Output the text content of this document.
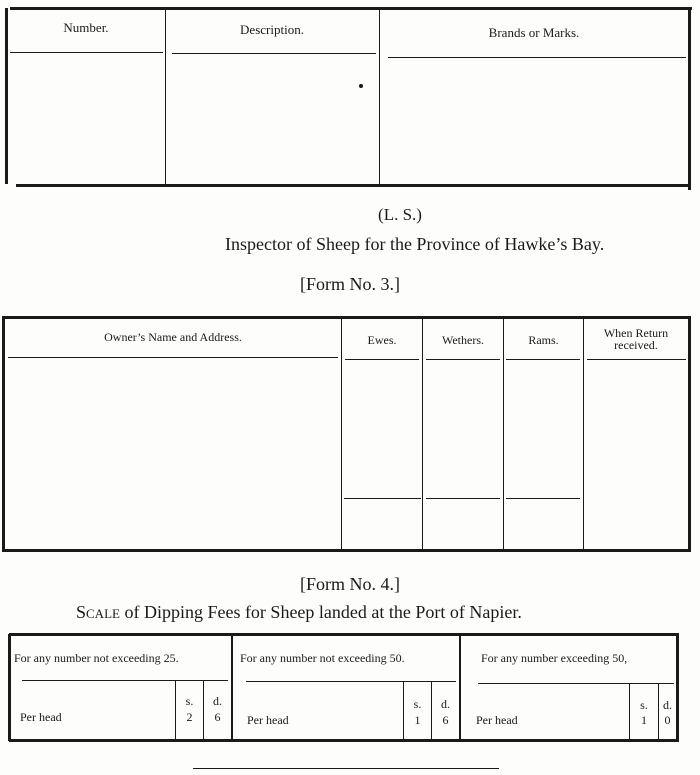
Number.	Description.	Brands or Marks.
(L. S.)
Inspector of Sheep for the Province of Hawke’s Bay.
[Form No. 3.]
Owner’s Name and Address.	Ewes.	Wethers.	Rams.	When Return received.
[Form No. 4.]
Scale of Dipping Fees for Sheep landed at the Port of Napier.
For any number not exceeding 25.
s.	d.
Per head	2	6
For any number not exceeding 50.
s.	d.
Per head	1	6
For any number exceeding 50,
s.	d.
Per head	1	0
